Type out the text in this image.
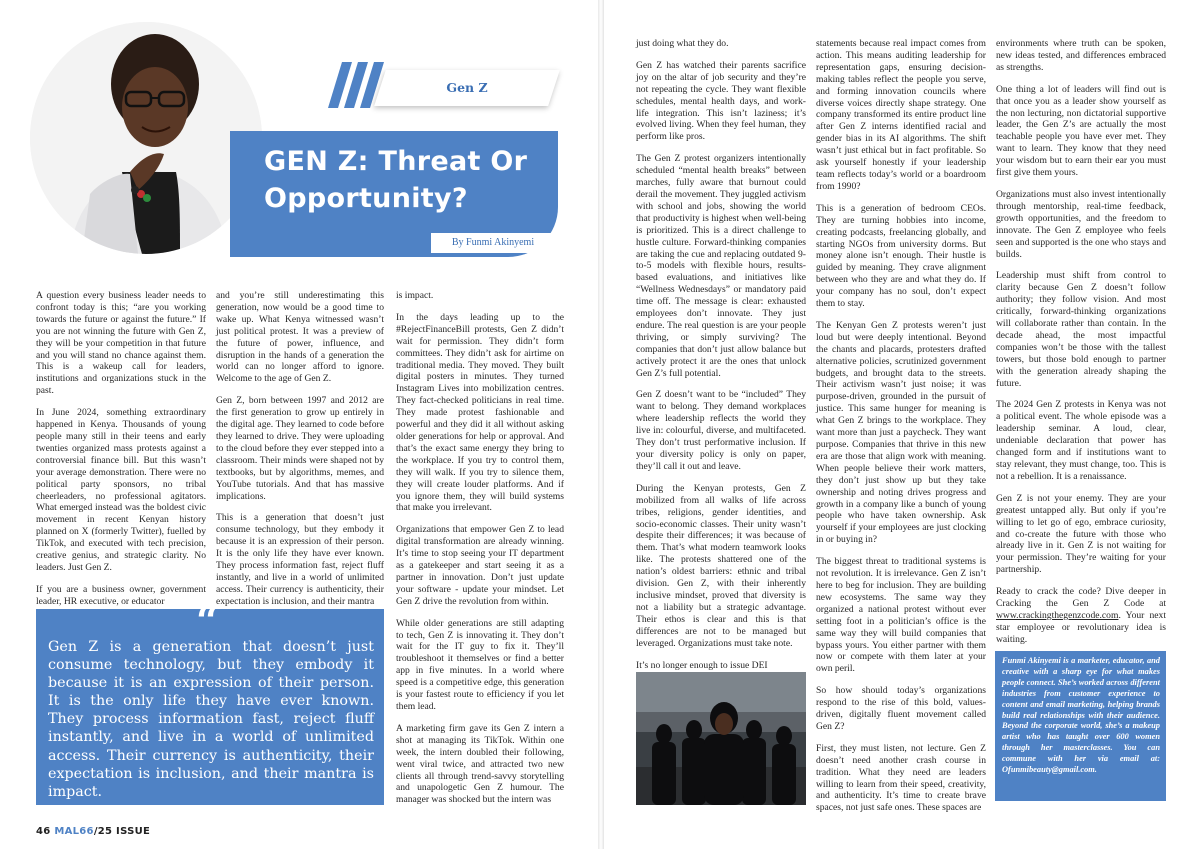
Gen Z
GEN Z: Threat Or Opportunity?
By Funmi Akinyemi

A question every business leader needs to confront today is this; “are you working towards the future or against the future.” If you are not winning the future with Gen Z, they will be your competition in that future and you will stand no chance against them. This is a wakeup call for leaders, institutions and organizations stuck in the past.

In June 2024, something extraordinary happened in Kenya. Thousands of young people many still in their teens and early twenties organized mass protests against a controversial finance bill. But this wasn’t your average demonstration. There were no political party sponsors, no tribal cheerleaders, no professional agitators. What emerged instead was the boldest civic movement in recent Kenyan history planned on X (formerly Twitter), fuelled by TikTok, and executed with tech precision, creative genius, and strategic clarity. No leaders. Just Gen Z.

If you are a business owner, government leader, HR executive, or educator

and you’re still underestimating this generation, now would be a good time to wake up. What Kenya witnessed wasn’t just political protest. It was a preview of the future of power, influence, and disruption in the hands of a generation the world can no longer afford to ignore. Welcome to the age of Gen Z.

Gen Z, born between 1997 and 2012 are the first generation to grow up entirely in the digital age. They learned to code before they learned to drive. They were uploading to the cloud before they ever stepped into a classroom. Their minds were shaped not by textbooks, but by algorithms, memes, and YouTube tutorials. And that has massive implications.

This is a generation that doesn’t just consume technology, but they embody it because it is an expression of their person. It is the only life they have ever known. They process information fast, reject fluff instantly, and live in a world of unlimited access. Their currency is authenticity, their expectation is inclusion, and their mantra

“
Gen Z is a generation that doesn’t just consume technology, but they embody it because it is an expression of their person. It is the only life they have ever known. They process information fast, reject fluff instantly, and live in a world of unlimited access. Their currency is authenticity, their expectation is inclusion, and their mantra is impact.

is impact.

In the days leading up to the #RejectFinanceBill protests, Gen Z didn’t wait for permission. They didn’t form committees. They didn’t ask for airtime on traditional media. They moved. They built digital posters in minutes. They turned Instagram Lives into mobilization centres. They fact-checked politicians in real time. They made protest fashionable and powerful and they did it all without asking older generations for help or approval. And that’s the exact same energy they bring to the workplace. If you try to control them, they will walk. If you try to silence them, they will create louder platforms. And if you ignore them, they will build systems that make you irrelevant.

Organizations that empower Gen Z to lead digital transformation are already winning. It’s time to stop seeing your IT department as a gatekeeper and start seeing it as a partner in innovation. Don’t just update your software - update your mindset. Let Gen Z drive the revolution from within.

While older generations are still adapting to tech, Gen Z is innovating it. They don’t wait for the IT guy to fix it. They’ll troubleshoot it themselves or find a better app in five minutes. In a world where speed is a competitive edge, this generation is your fastest route to efficiency if you let them lead.

A marketing firm gave its Gen Z intern a shot at managing its TikTok. Within one week, the intern doubled their following, went viral twice, and attracted two new clients all through trend-savvy storytelling and unapologetic Gen Z humour. The manager was shocked but the intern was

just doing what they do.

Gen Z has watched their parents sacrifice joy on the altar of job security and they’re not repeating the cycle. They want flexible schedules, mental health days, and work-life integration. This isn’t laziness; it’s evolved living. When they feel human, they perform like pros.

The Gen Z protest organizers intentionally scheduled “mental health breaks” between marches, fully aware that burnout could derail the movement. They juggled activism with school and jobs, showing the world that productivity is highest when well-being is prioritized. This is a direct challenge to hustle culture. Forward-thinking companies are taking the cue and replacing outdated 9-to-5 models with flexible hours, results-based evaluations, and initiatives like “Wellness Wednesdays” or mandatory paid time off. The message is clear: exhausted employees don’t innovate. They just endure. The real question is are your people thriving, or simply surviving? The companies that don’t just allow balance but actively protect it are the ones that unlock Gen Z’s full potential.

Gen Z doesn’t want to be “included” They want to belong. They demand workplaces where leadership reflects the world they live in: colourful, diverse, and multifaceted. They don’t trust performative inclusion. If your diversity policy is only on paper, they’ll call it out and leave.

During the Kenyan protests, Gen Z mobilized from all walks of life across tribes, religions, gender identities, and socio-economic classes. Their unity wasn’t despite their differences; it was because of them. That’s what modern teamwork looks like. The protests shattered one of the nation’s oldest barriers: ethnic and tribal division. Gen Z, with their inherently inclusive mindset, proved that diversity is not a liability but a strategic advantage. Their ethos is clear and this is that differences are not to be managed but leveraged. Organizations must take note.

It’s no longer enough to issue DEI

statements because real impact comes from action. This means auditing leadership for representation gaps, ensuring decision-making tables reflect the people you serve, and forming innovation councils where diverse voices directly shape strategy. One company transformed its entire product line after Gen Z interns identified racial and gender bias in its AI algorithms. The shift wasn’t just ethical but in fact profitable. So ask yourself honestly if your leadership team reflects today’s world or a boardroom from 1990?

This is a generation of bedroom CEOs. They are turning hobbies into income, creating podcasts, freelancing globally, and starting NGOs from university dorms. But money alone isn’t enough. Their hustle is guided by meaning. They crave alignment between who they are and what they do. If your company has no soul, don’t expect them to stay.

The Kenyan Gen Z protests weren’t just loud but were deeply intentional. Beyond the chants and placards, protesters drafted alternative policies, scrutinized government budgets, and brought data to the streets. Their activism wasn’t just noise; it was purpose-driven, grounded in the pursuit of justice. This same hunger for meaning is what Gen Z brings to the workplace. They want more than just a paycheck. They want purpose. Companies that thrive in this new era are those that align work with meaning. When people believe their work matters, they don’t just show up but they take ownership and noting drives progress and growth in a company like a bunch of young people who have taken ownership. Ask yourself if your employees are just clocking in or buying in?

The biggest threat to traditional systems is not revolution. It is irrelevance. Gen Z isn’t here to beg for inclusion. They are building new ecosystems. The same way they organized a national protest without ever setting foot in a politician’s office is the same way they will build companies that bypass yours. You either partner with them now or compete with them later at your own peril.

So how should today’s organizations respond to the rise of this bold, values-driven, digitally fluent movement called Gen Z?

First, they must listen, not lecture. Gen Z doesn’t need another crash course in tradition. What they need are leaders willing to learn from their speed, creativity, and authenticity. It’s time to create brave spaces, not just safe ones. These spaces are

environments where truth can be spoken, new ideas tested, and differences embraced as strengths.

One thing a lot of leaders will find out is that once you as a leader show yourself as the non lecturing, non dictatorial supportive leader, the Gen Z’s are actually the most teachable people you have ever met. They want to learn. They know that they need your wisdom but to earn their ear you must first give them yours.

Organizations must also invest intentionally through mentorship, real-time feedback, growth opportunities, and the freedom to innovate. The Gen Z employee who feels seen and supported is the one who stays and builds.

Leadership must shift from control to clarity because Gen Z doesn’t follow authority; they follow vision. And most critically, forward-thinking organizations will collaborate rather than contain. In the decade ahead, the most impactful companies won’t be those with the tallest towers, but those bold enough to partner with the generation already shaping the future.

The 2024 Gen Z protests in Kenya was not a political event. The whole episode was a leadership seminar. A loud, clear, undeniable declaration that power has changed form and if institutions want to stay relevant, they must change, too. This is not a rebellion. It is a renaissance.

Gen Z is not your enemy. They are your greatest untapped ally. But only if you’re willing to let go of ego, embrace curiosity, and co-create the future with those who already live in it. Gen Z is not waiting for your permission. They’re waiting for your partnership.

Ready to crack the code? Dive deeper in Cracking the Gen Z Code at www.crackingthegenzcode.com. Your next star employee or revolutionary idea is waiting.

Funmi Akinyemi is a marketer, educator, and creative with a sharp eye for what makes people connect. She’s worked across different industries from customer experience to content and email marketing, helping brands build real relationships with their audience. Beyond the corporate world, she’s a makeup artist who has taught over 600 women through her masterclasses. You can commune with her via email at: Ofunmibeauty@gmail.com.
46 MAL66/25 ISSUE
